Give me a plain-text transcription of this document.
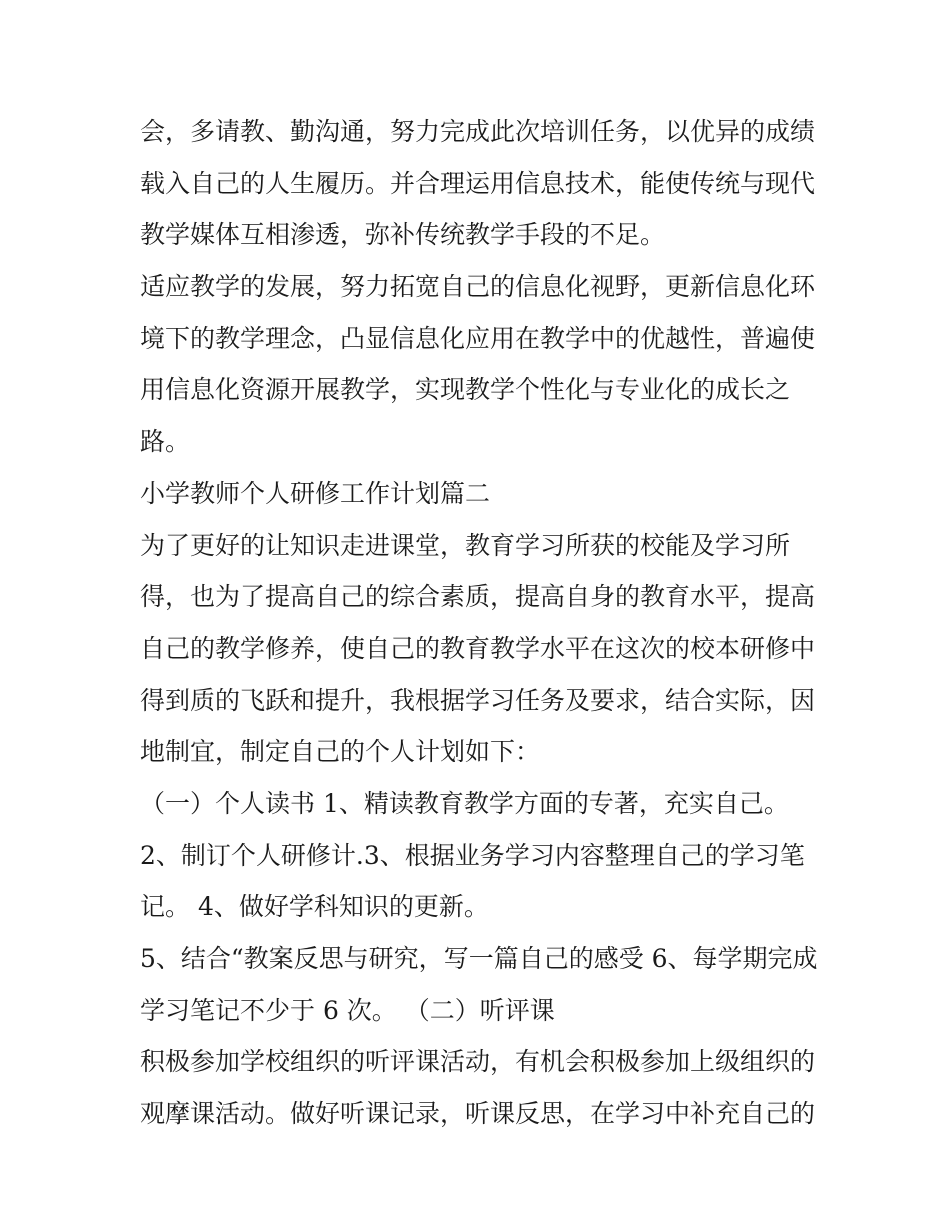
会，多请教、勤沟通，努力完成此次培训任务，以优异的成绩
载入自己的人生履历。并合理运用信息技术，能使传统与现代
教学媒体互相渗透，弥补传统教学手段的不足。
适应教学的发展，努力拓宽自己的信息化视野，更新信息化环
境下的教学理念，凸显信息化应用在教学中的优越性，普遍使
用信息化资源开展教学，实现教学个性化与专业化的成长之
路。
小学教师个人研修工作计划篇二
为了更好的让知识走进课堂，教育学习所获的校能及学习所
得，也为了提高自己的综合素质，提高自身的教育水平，提高
自己的教学修养，使自己的教育教学水平在这次的校本研修中
得到质的飞跃和提升，我根据学习任务及要求，结合实际，因
地制宜，制定自己的个人计划如下：
（一）个人读书 1、精读教育教学方面的专著，充实自己。
2、制订个人研修计.3、根据业务学习内容整理自己的学习笔
记。 4、做好学科知识的更新。
5、结合“教案反思与研究，写一篇自己的感受 6、每学期完成
学习笔记不少于 6 次。 （二）听评课
积极参加学校组织的听评课活动，有机会积极参加上级组织的
观摩课活动。做好听课记录，听课反思，在学习中补充自己的
